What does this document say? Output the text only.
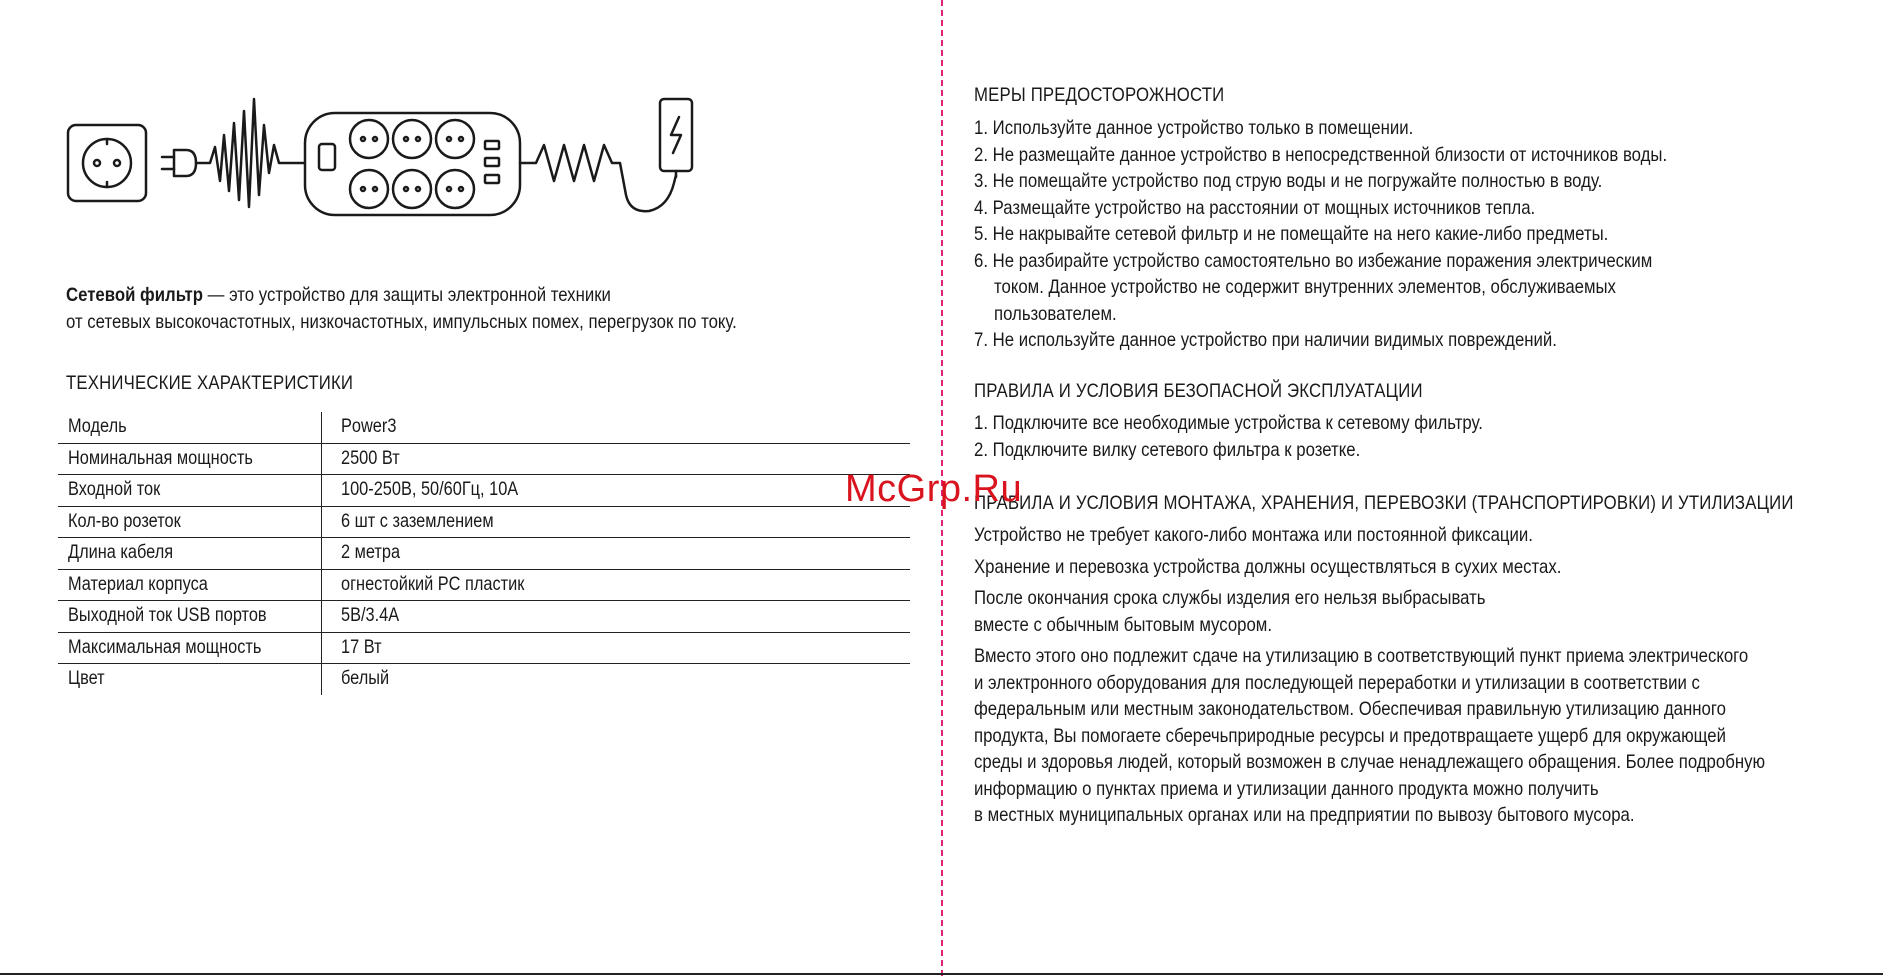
Сетевой фильтр — это устройство для защиты электронной техники
от сетевых высокочастотных, низкочастотных, импульсных помех, перегрузок по току.
ТЕХНИЧЕСКИЕ ХАРАКТЕРИСТИКИ
Модель	Power3
Номинальная мощность	2500 Вт
Входной ток	100-250В, 50/60Гц, 10А
Кол-во розеток	6 шт с заземлением
Длина кабеля	2 метра
Материал корпуса	огнестойкий PC пластик
Выходной ток USB портов	5В/3.4А
Максимальная мощность	17 Вт
Цвет	белый
МЕРЫ ПРЕДОСТОРОЖНОСТИ
1. Используйте данное устройство только в помещении.
2. Не размещайте данное устройство в непосредственной близости от источников воды.
3. Не помещайте устройство под струю воды и не погружайте полностью в воду.
4. Размещайте устройство на расстоянии от мощных источников тепла.
5. Не накрывайте сетевой фильтр и не помещайте на него какие-либо предметы.
6. Не разбирайте устройство самостоятельно во избежание поражения электрическим
током. Данное устройство не содержит внутренних элементов, обслуживаемых
пользователем.
7. Не используйте данное устройство при наличии видимых повреждений.
ПРАВИЛА И УСЛОВИЯ БЕЗОПАСНОЙ ЭКСПЛУАТАЦИИ
1. Подключите все необходимые устройства к сетевому фильтру.
2. Подключите вилку сетевого фильтра к розетке.
ПРАВИЛА И УСЛОВИЯ МОНТАЖА, ХРАНЕНИЯ, ПЕРЕВОЗКИ (ТРАНСПОРТИРОВКИ) И УТИЛИЗАЦИИ
Устройство не требует какого-либо монтажа или постоянной фиксации.
Хранение и перевозка устройства должны осуществляться в сухих местах.
После окончания срока службы изделия его нельзя выбрасывать
вместе с обычным бытовым мусором.
Вместо этого оно подлежит сдаче на утилизацию в соответствующий пункт приема электрического
и электронного оборудования для последующей переработки и утилизации в соответствии с
федеральным или местным законодательством. Обеспечивая правильную утилизацию данного
продукта, Вы помогаете сберечьприродные ресурсы и предотвращаете ущерб для окружающей
среды и здоровья людей, который возможен в случае ненадлежащего обращения. Более подробную
информацию о пунктах приема и утилизации данного продукта можно получить
в местных муниципальных органах или на предприятии по вывозу бытового мусора.
McGrp.Ru
